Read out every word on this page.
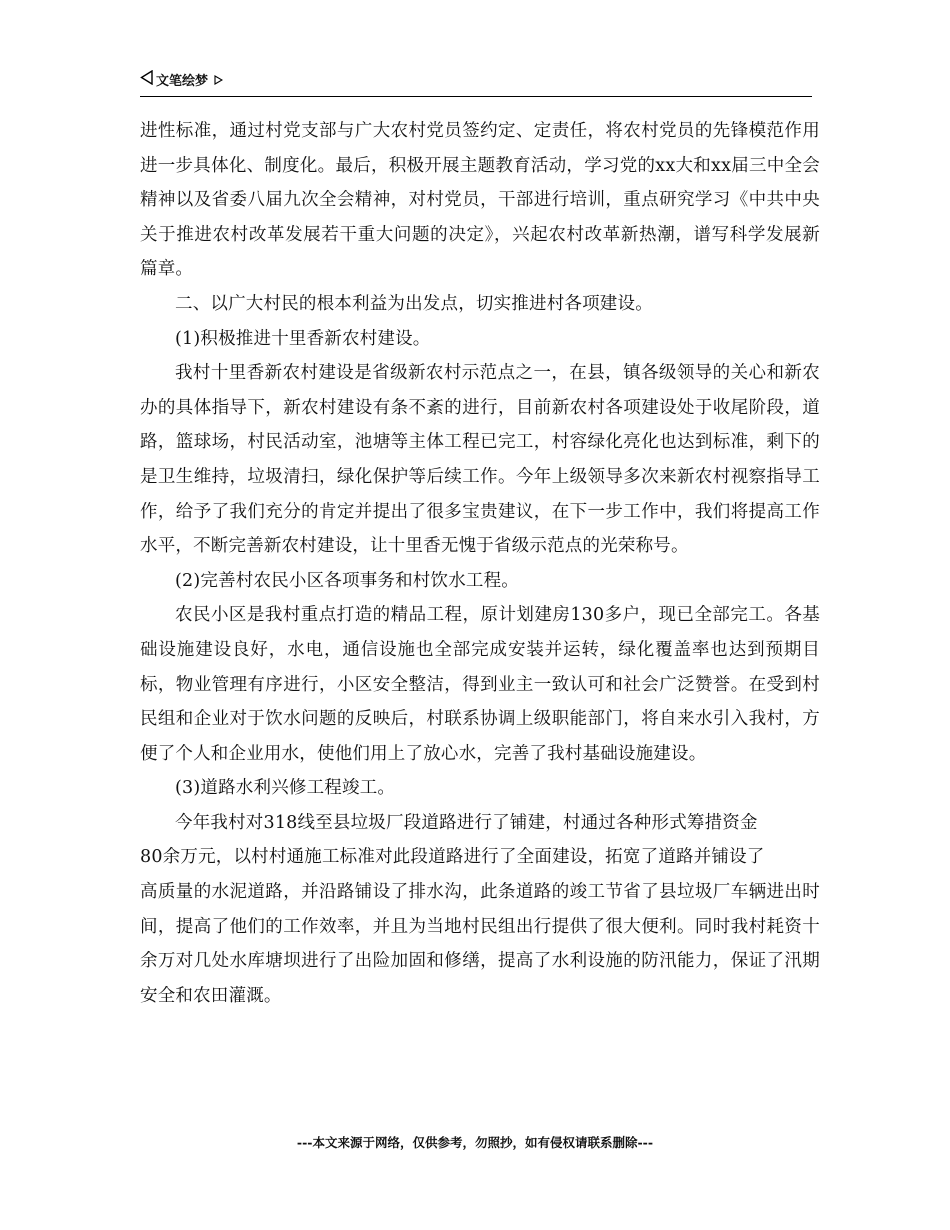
文笔绘梦

进性标准，通过村党支部与广大农村党员签约定、定责任，将农村党员的先锋模范作用进一步具体化、制度化。最后，积极开展主题教育活动，学习党的xx大和xx届三中全会精神以及省委八届九次全会精神，对村党员，干部进行培训，重点研究学习《中共中央关于推进农村改革发展若干重大问题的决定》，兴起农村改革新热潮，谱写科学发展新篇章。

二、以广大村民的根本利益为出发点，切实推进村各项建设。

(1)积极推进十里香新农村建设。

我村十里香新农村建设是省级新农村示范点之一，在县，镇各级领导的关心和新农办的具体指导下，新农村建设有条不紊的进行，目前新农村各项建设处于收尾阶段，道路，篮球场，村民活动室，池塘等主体工程已完工，村容绿化亮化也达到标准，剩下的是卫生维持，垃圾清扫，绿化保护等后续工作。今年上级领导多次来新农村视察指导工作，给予了我们充分的肯定并提出了很多宝贵建议，在下一步工作中，我们将提高工作水平，不断完善新农村建设，让十里香无愧于省级示范点的光荣称号。

(2)完善村农民小区各项事务和村饮水工程。

农民小区是我村重点打造的精品工程，原计划建房130多户，现已全部完工。各基础设施建设良好，水电，通信设施也全部完成安装并运转，绿化覆盖率也达到预期目标，物业管理有序进行，小区安全整洁，得到业主一致认可和社会广泛赞誉。在受到村民组和企业对于饮水问题的反映后，村联系协调上级职能部门，将自来水引入我村，方便了个人和企业用水，使他们用上了放心水，完善了我村基础设施建设。

(3)道路水利兴修工程竣工。

今年我村对318线至县垃圾厂段道路进行了铺建，村通过各种形式筹措资金

80余万元，以村村通施工标准对此段道路进行了全面建设，拓宽了道路并铺设了

高质量的水泥道路，并沿路铺设了排水沟，此条道路的竣工节省了县垃圾厂车辆进出时间，提高了他们的工作效率，并且为当地村民组出行提供了很大便利。同时我村耗资十余万对几处水库塘坝进行了出险加固和修缮，提高了水利设施的防汛能力，保证了汛期安全和农田灌溉。

---本文来源于网络，仅供参考，勿照抄，如有侵权请联系删除---
